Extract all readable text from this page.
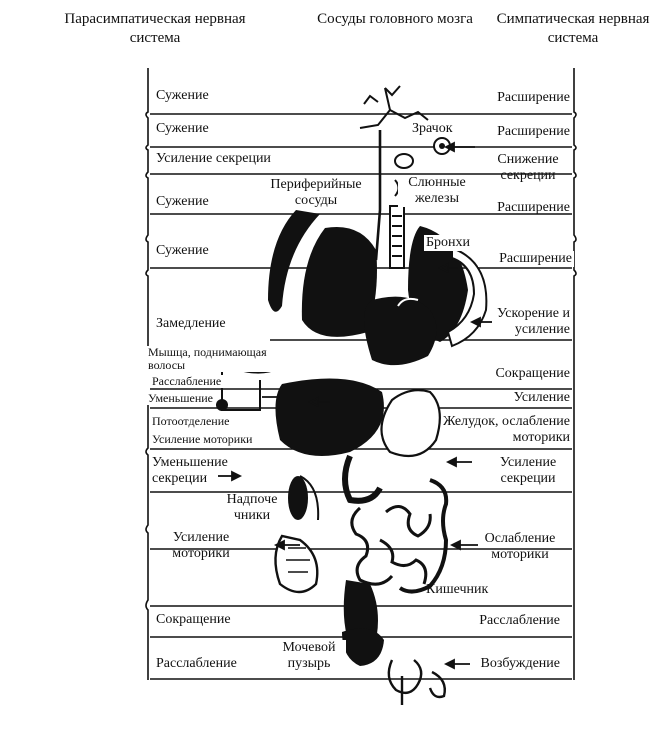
Парасимпатическая нервная система
Сосуды головного мозга	Симпатическая нервная система
Сужение
Сужение
Усиление секреции
Сужение
Сужение
Замедление
Мышца, поднимающая волосы
Расслабление
Уменьшение
Потоотделение
Усиление моторики
Уменьшение секреции
Усиление моторики
Сокращение
Расслабление
Расширение
Расширение
Снижение секреции
Расширение
Расширение
Ускорение и усиление
Сокращение
Усиление
Желудок, ослабление моторики
Усиление секреции
Ослабление моторики
Расслабление
Возбуждение
Зрачок
Периферийные сосуды
Слюнные железы
Бронхи
Надпочечники
Кишечник
Мочевой пузырь
